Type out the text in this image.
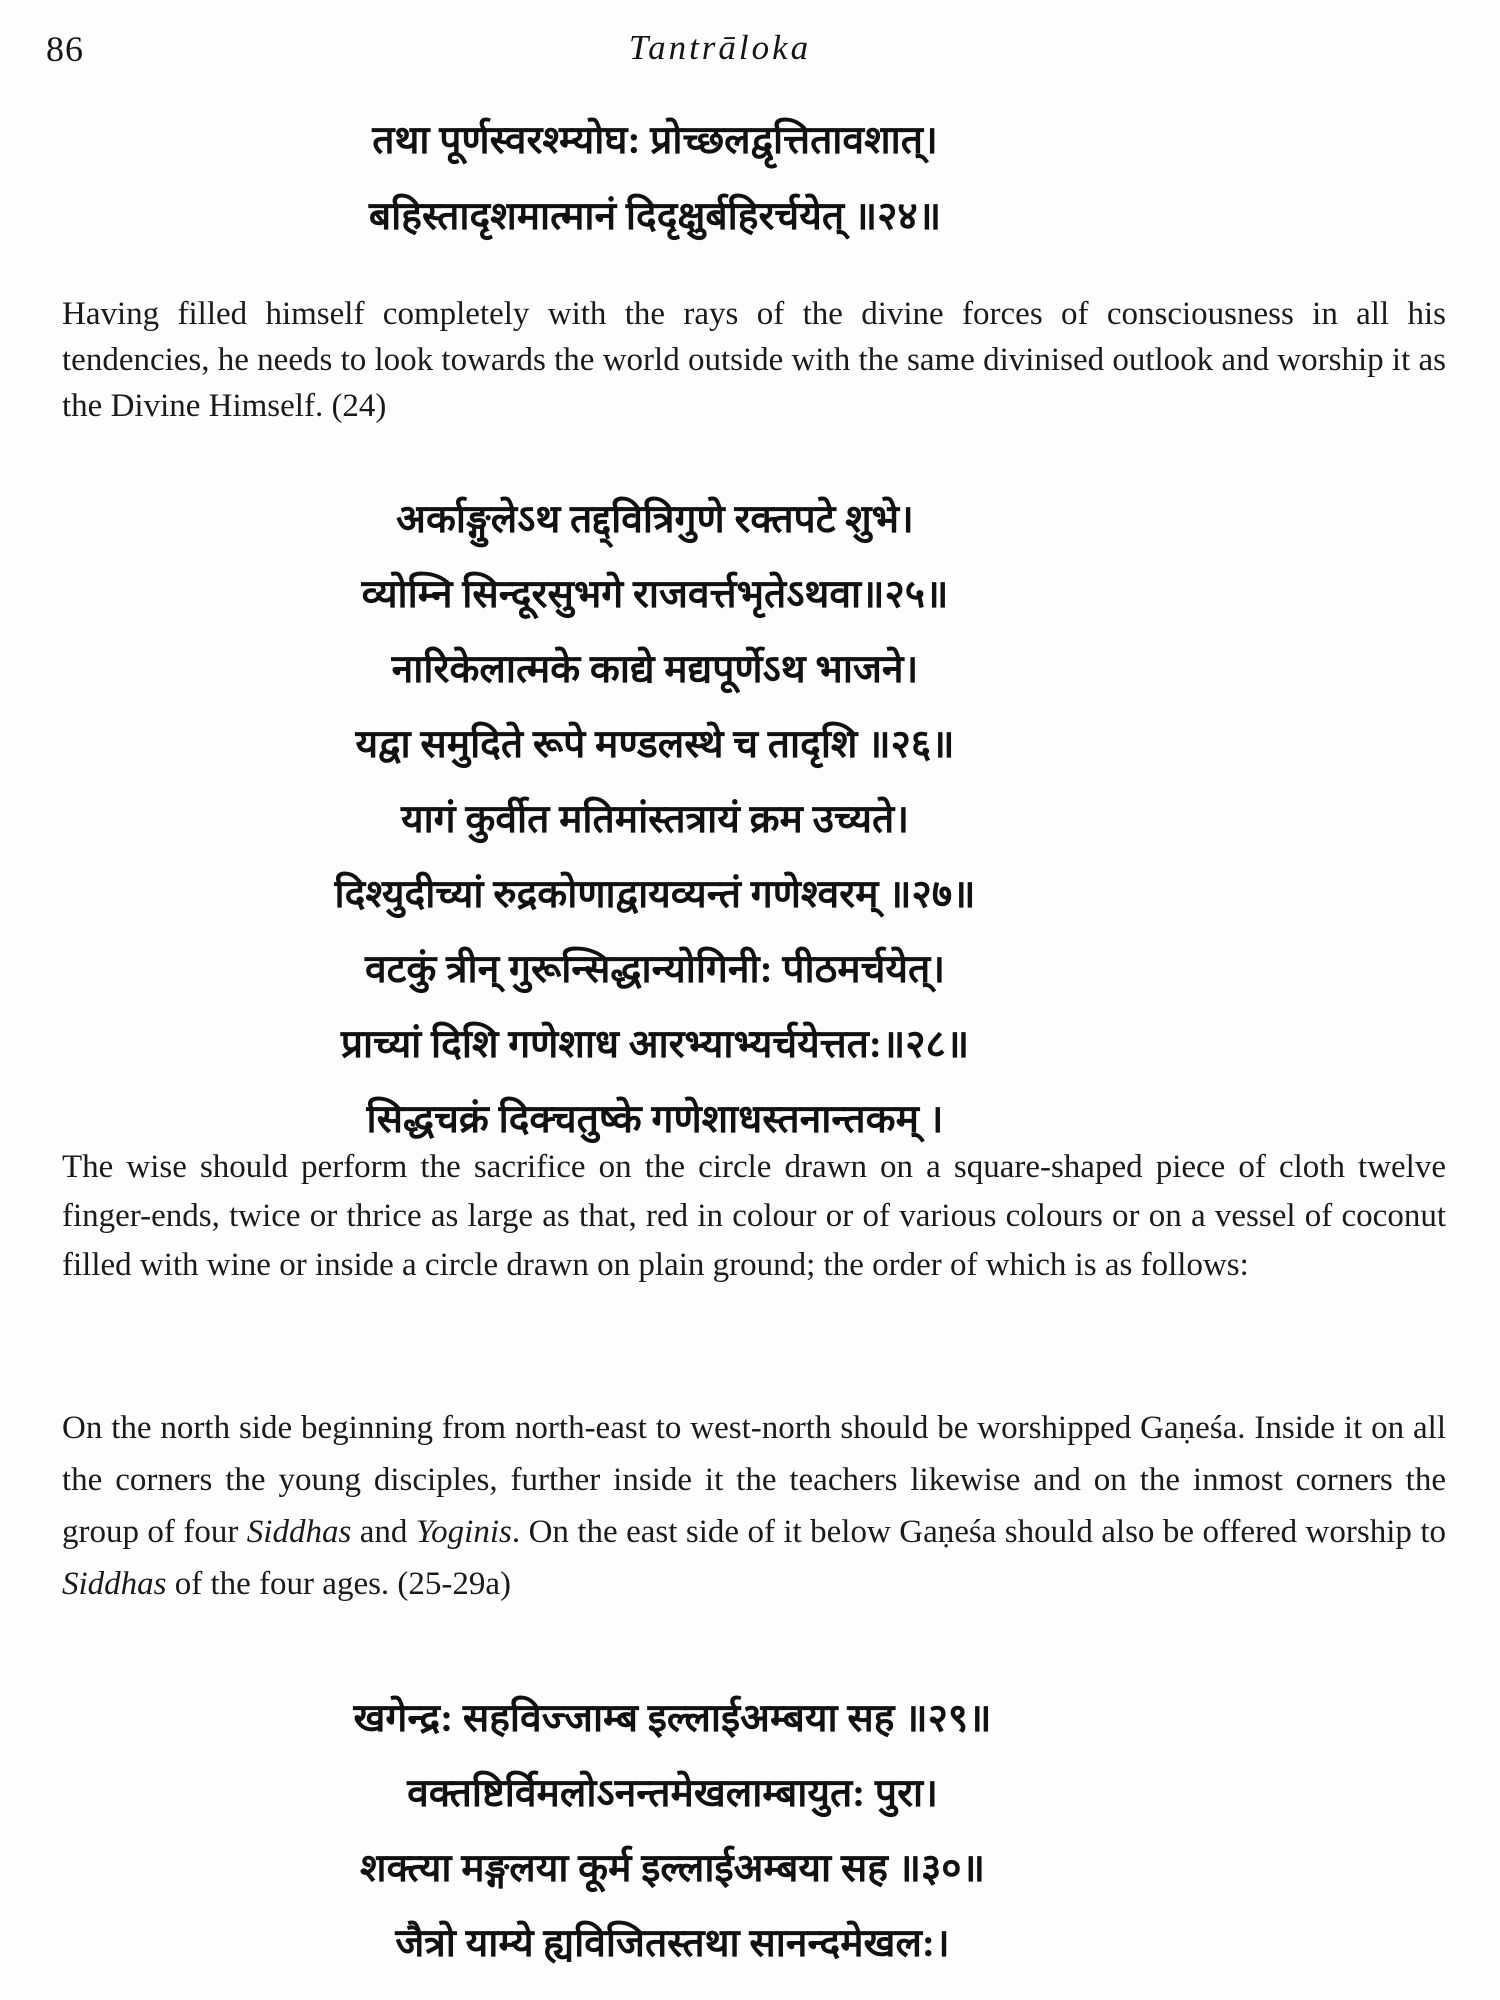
86	Tantrāloka
तथा पूर्णस्वरश्म्योघ: प्रोच्छलद्वृत्तितावशात्।
बहिस्तादृशमात्मानं दिदृक्षुर्बहिरर्चयेत् ॥२४॥

Having filled himself completely with the rays of the divine forces of consciousness in all his tendencies, he needs to look towards the world outside with the same divinised outlook and worship it as the Divine Himself. (24)

अर्काङ्गुलेऽथ तद्द्वित्रिगुणे रक्तपटे शुभे।
व्योम्नि सिन्दूरसुभगे राजवर्त्तभृतेऽथवा॥२५॥
नारिकेलात्मके काद्ये मद्यपूर्णेऽथ भाजने।
यद्वा समुदिते रूपे मण्डलस्थे च तादृशि ॥२६॥
यागं कुर्वीत मतिमांस्तत्रायं क्रम उच्यते।
दिश्युदीच्यां रुद्रकोणाद्वायव्यन्तं गणेश्वरम् ॥२७॥
वटकुं त्रीन् गुरून्सिद्धान्योगिनी: पीठमर्चयेत्।
प्राच्यां दिशि गणेशाध आरभ्याभ्यर्चयेत्तत:॥२८॥
सिद्धचक्रं दिक्चतुष्के गणेशाधस्तनान्तकम् ।

The wise should perform the sacrifice on the circle drawn on a square-shaped piece of cloth twelve finger-ends, twice or thrice as large as that, red in colour or of various colours or on a vessel of coconut filled with wine or inside a circle drawn on plain ground; the order of which is as follows:

On the north side beginning from north-east to west-north should be worshipped Gaṇeśa. Inside it on all the corners the young disciples, further inside it the teachers likewise and on the inmost corners the group of four Siddhas and Yoginis. On the east side of it below Gaṇeśa should also be offered worship to Siddhas of the four ages. (25-29a)

खगेन्द्र: सहविज्जाम्ब इल्लाईअम्बया सह ॥२९॥
वक्तष्टिर्विमलोऽनन्तमेखलाम्बायुत: पुरा।
शक्त्या मङ्गलया कूर्म इल्लाईअम्बया सह ॥३०॥
जैत्रो याम्ये ह्यविजितस्तथा सानन्दमेखल:।
